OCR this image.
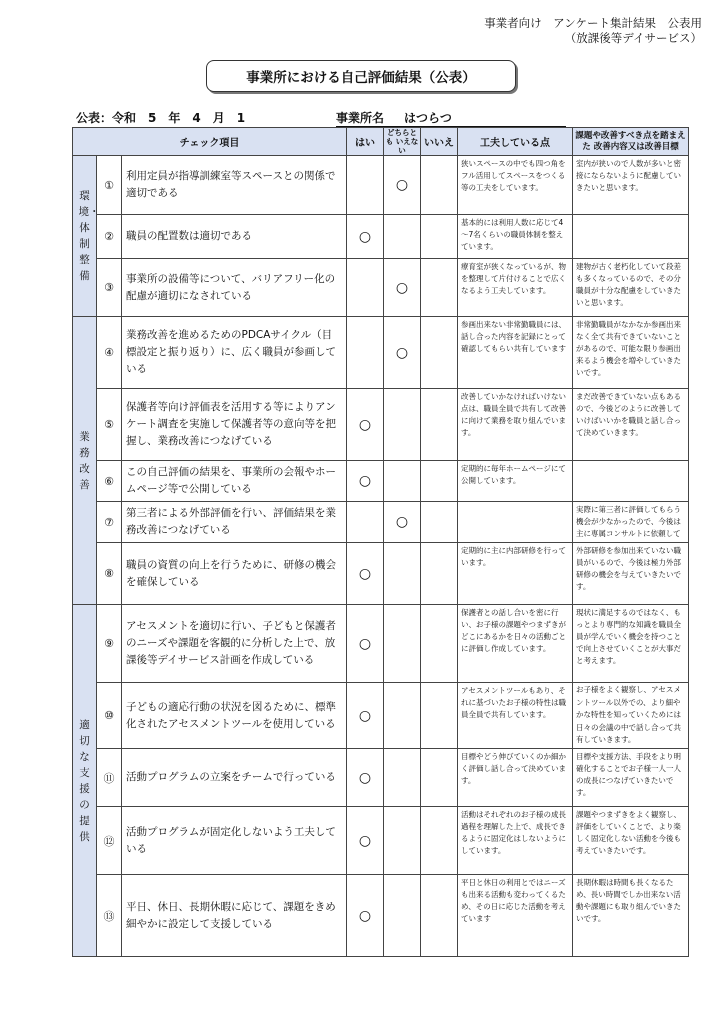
事業者向け　アンケート集計結果　公表用
（放課後等デイサービス）
事業所における自己評価結果（公表）
公表：令和　5　年　4　月　1　	事業所名 はつらつ
チェック項目			はい	どちらとも いえない	いいえ	工夫している点	課題や改善すべき点を踏まえた 改善内容又は改善目標
環境・体制整備	①	利用定員が指導訓練室等スペースとの関係で適切である		○		狭いスペースの中でも四つ角をフル活用してスペースをつくる等の工夫をしています。	室内が狭いので人数が多いと密接にならないように配慮していきたいと思います。
	②	職員の配置数は適切である	○			基本的には利用人数に応じて4～7名くらいの職員体制を整えています。	
	③	事業所の設備等について、バリアフリー化の配慮が適切になされている		○		療育室が狭くなっているが、物を整理して片付けることで広くなるよう工夫しています。	建物が古く老朽化していて段差も多くなっているので、その分職員が十分な配慮をしていきたいと思います。
業務改善	④	業務改善を進めるためのPDCAサイクル（目標設定と振り返り）に、広く職員が参画している		○		参画出来ない非常勤職員には、話し合った内容を記録にとって確認してもらい共有しています	非常勤職員がなかなか参画出来なく全て共有できていないことがあるので、可能な限り参画出来るよう機会を増やしていきたいです。
	⑤	保護者等向け評価表を活用する等によりアンケート調査を実施して保護者等の意向等を把握し、業務改善につなげている	○			改善していかなければいけない点は、職員全員で共有して改善に向けて業務を取り組んでいます。	まだ改善できていない点もあるので、今後どのように改善していけばいいかを職員と話し合って決めていきます。
	⑥	この自己評価の結果を、事業所の会報やホームページ等で公開している	○			定期的に毎年ホームページにて公開しています。	
	⑦	第三者による外部評価を行い、評価結果を業務改善につなげている		○			実際に第三者に評価してもらう機会が少なかったので、今後は主に専属コンサルトに依頼して
	⑧	職員の資質の向上を行うために、研修の機会を確保している	○			定期的に主に内部研修を行っています。	外部研修を参加出来ていない職員がいるので、今後は極力外部研修の機会を与えていきたいです。
適切な支援の提供	⑨	アセスメントを適切に行い、子どもと保護者のニーズや課題を客観的に分析した上で、放課後等デイサービス計画を作成している	○			保護者との話し合いを密に行い、お子様の課題やつまずきがどこにあるかを日々の活動ごとに評価し作成しています。	現状に満足するのではなく、もっとより専門的な知識を職員全員が学んでいく機会を持つことで向上させていくことが大事だと考えます。
	⑩	子どもの適応行動の状況を図るために、標準化されたアセスメントツールを使用している	○			アセスメントツールもあり、それに基づいたお子様の特性は職員全員で共有しています。	お子様をよく観察し、アセスメントツール以外での、より細やかな特性を知っていくためには日々の会議の中で話し合って共有していきます。
	⑪	活動プログラムの立案をチームで行っている	○			目標やどう伸びていくのか細かく評価し話し合って決めています。	目標や支援方法、手段をより明確化することでお子様一人一人の成長につなげていきたいです。
	⑫	活動プログラムが固定化しないよう工夫している	○			活動はそれぞれのお子様の成長過程を理解した上で、成長できるように固定化はしないようにしています。	課題やつまずきをよく観察し、評価をしていくことで、より楽しく固定化しない活動を今後も考えていきたいです。
	⑬	平日、休日、長期休暇に応じて、課題をきめ細やかに設定して支援している	○			平日と休日の利用とではニーズも出来る活動も変わってくるため、その日に応じた活動を考えています	長期休暇は時間も長くなるため、長い時間でしか出来ない活動や課題にも取り組んでいきたいです。
